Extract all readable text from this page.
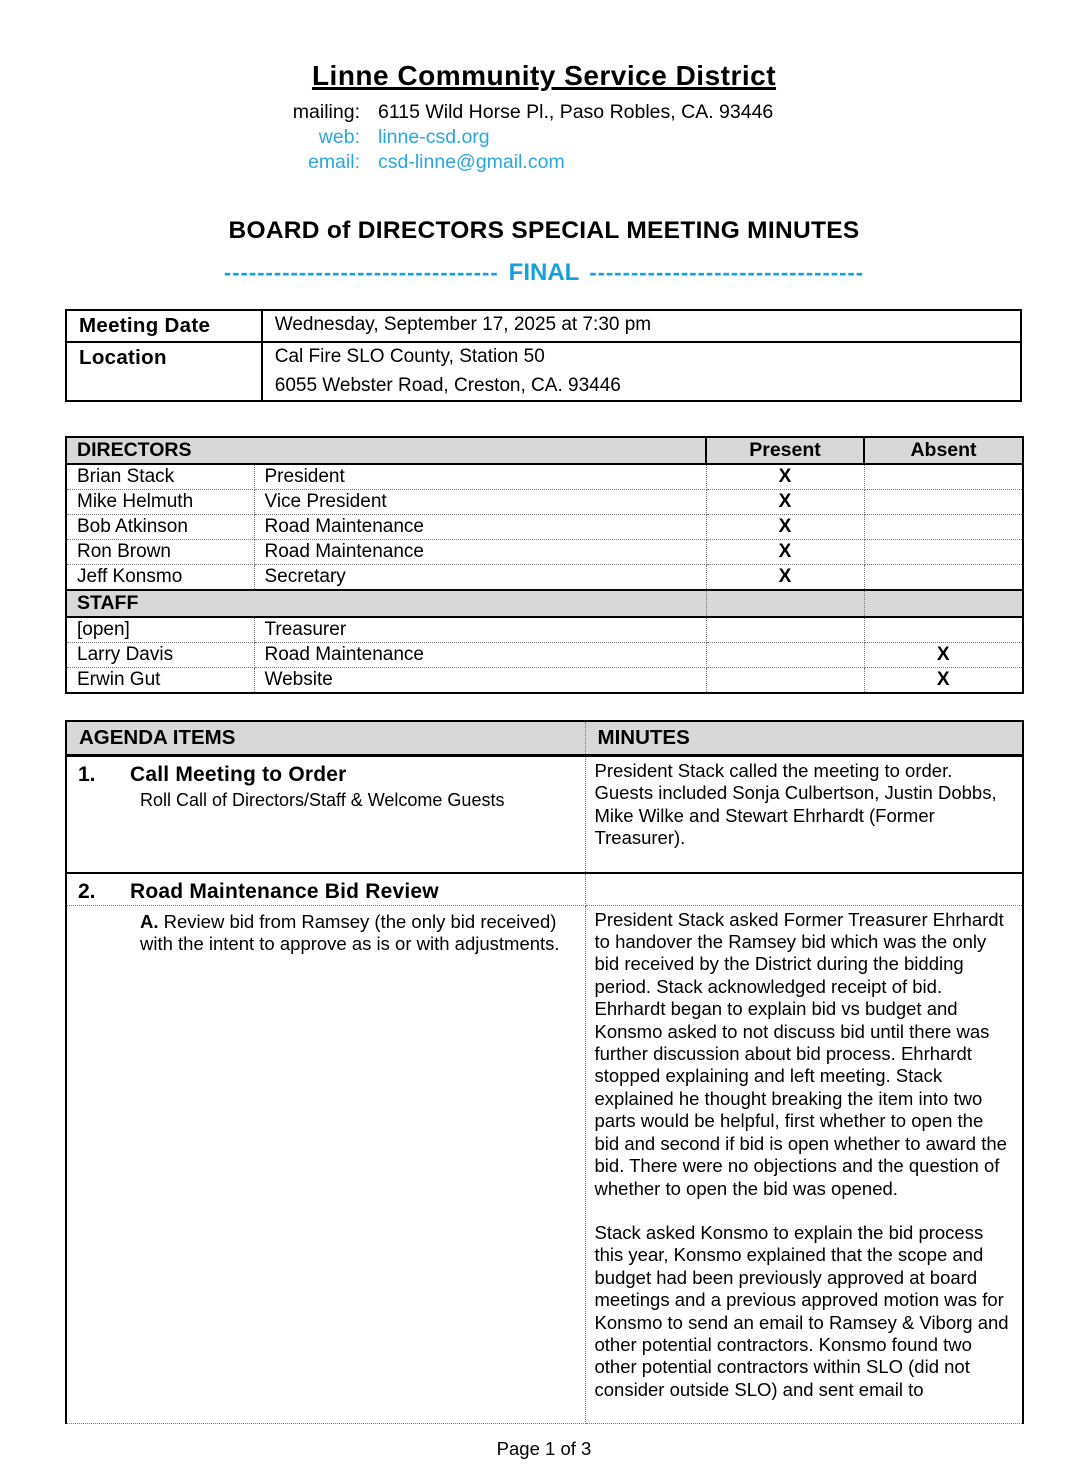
Linne Community Service District
mailing: 6115 Wild Horse Pl., Paso Robles, CA. 93446
web: linne-csd.org
email: csd-linne@gmail.com
BOARD of DIRECTORS SPECIAL MEETING MINUTES
--------------------------------- FINAL ---------------------------------
Meeting Date	Wednesday, September 17, 2025 at 7:30 pm
Location	Cal Fire SLO County, Station 50
6055 Webster Road, Creston, CA. 93446
DIRECTORS		Present	Absent
Brian Stack	President	X	
Mike Helmuth	Vice President	X	
Bob Atkinson	Road Maintenance	X	
Ron Brown	Road Maintenance	X	
Jeff Konsmo	Secretary	X	
STAFF			
[open]	Treasurer		
Larry Davis	Road Maintenance		X
Erwin Gut	Website		X
AGENDA ITEMS	MINUTES

1. Call Meeting to Order
Roll Call of Directors/Staff & Welcome Guests	President Stack called the meeting to order. Guests included Sonja Culbertson, Justin Dobbs, Mike Wilke and Stewart Ehrhardt (Former Treasurer).

2. Road Maintenance Bid Review	

A. Review bid from Ramsey (the only bid received) with the intent to approve as is or with adjustments.	President Stack asked Former Treasurer Ehrhardt to handover the Ramsey bid which was the only bid received by the District during the bidding period. Stack acknowledged receipt of bid. Ehrhardt began to explain bid vs budget and Konsmo asked to not discuss bid until there was further discussion about bid process. Ehrhardt stopped explaining and left meeting. Stack explained he thought breaking the item into two parts would be helpful, first whether to open the bid and second if bid is open whether to award the bid. There were no objections and the question of whether to open the bid was opened.

Stack asked Konsmo to explain the bid process this year, Konsmo explained that the scope and budget had been previously approved at board meetings and a previous approved motion was for Konsmo to send an email to Ramsey & Viborg and other potential contractors. Konsmo found two other potential contractors within SLO (did not consider outside SLO) and sent email to

Page 1 of 3
